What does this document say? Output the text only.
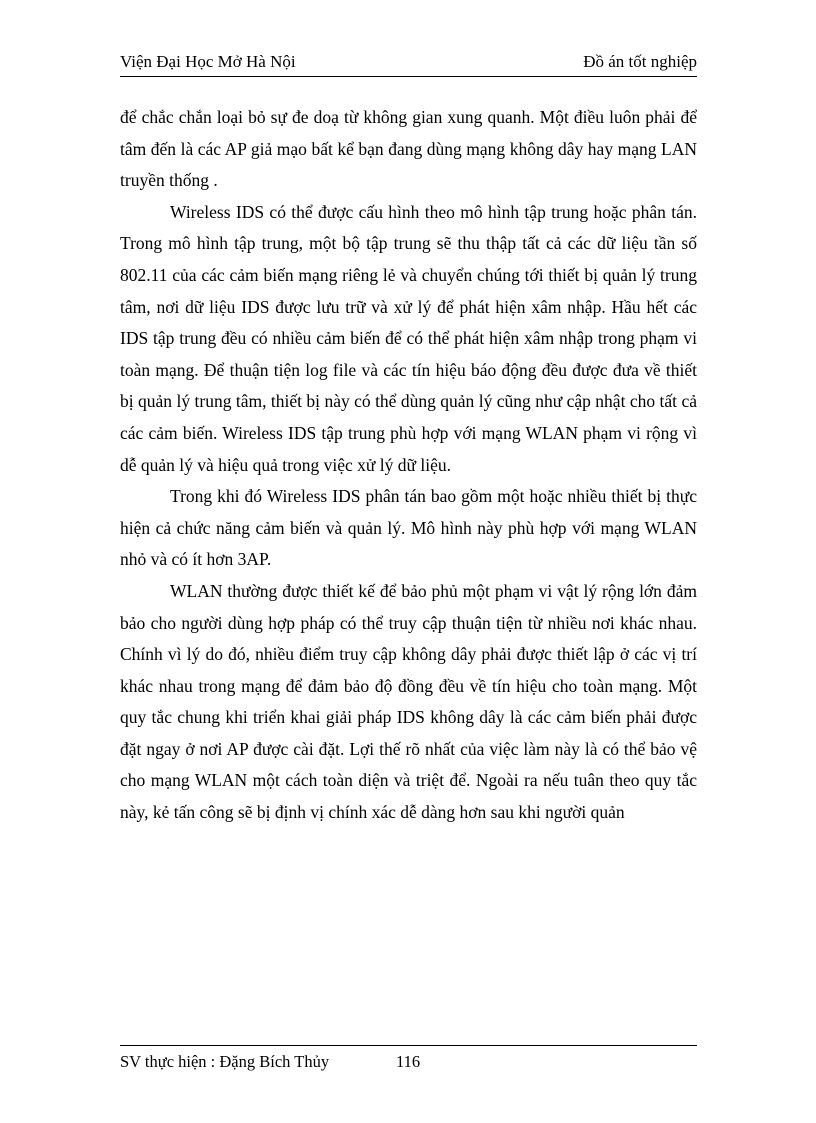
Viện Đại Học Mở Hà Nội	Đồ án tốt nghiệp

để chắc chắn loại bỏ sự đe doạ từ không gian xung quanh. Một điều luôn phải để tâm đến là các AP giả mạo bất kể bạn đang dùng mạng không dây hay mạng LAN truyền thống .

Wireless IDS có thể được cấu hình theo mô hình tập trung hoặc phân tán. Trong mô hình tập trung, một bộ tập trung sẽ thu thập tất cả các dữ liệu tần số 802.11 của các cảm biến mạng riêng lẻ và chuyển chúng tới thiết bị quản lý trung tâm, nơi dữ liệu IDS được lưu trữ và xử lý để phát hiện xâm nhập. Hầu hết các IDS tập trung đều có nhiều cảm biến để có thể phát hiện xâm nhập trong phạm vi toàn mạng. Để thuận tiện log file và các tín hiệu báo động đều được đưa về thiết bị quản lý trung tâm, thiết bị này có thể dùng quản lý cũng như cập nhật cho tất cả các cảm biến. Wireless IDS tập trung phù hợp với mạng WLAN phạm vi rộng vì dễ quản lý và hiệu quả trong việc xử lý dữ liệu.

Trong khi đó Wireless IDS phân tán bao gồm một hoặc nhiều thiết bị thực hiện cả chức năng cảm biến và quản lý. Mô hình này phù hợp với mạng WLAN nhỏ và có ít hơn 3AP.

WLAN thường được thiết kế để bảo phủ một phạm vi vật lý rộng lớn đảm bảo cho người dùng hợp pháp có thể truy cập thuận tiện từ nhiều nơi khác nhau. Chính vì lý do đó, nhiều điểm truy cập không dây phải được thiết lập ở các vị trí khác nhau trong mạng để đảm bảo độ đồng đều về tín hiệu cho toàn mạng. Một quy tắc chung khi triển khai giải pháp IDS không dây là các cảm biến phải được đặt ngay ở nơi AP được cài đặt. Lợi thế rõ nhất của việc làm này là có thể bảo vệ cho mạng WLAN một cách toàn diện và triệt để. Ngoài ra nếu tuân theo quy tắc này, kẻ tấn công sẽ bị định vị chính xác dễ dàng hơn sau khi người quản

SV thực hiện : Đặng Bích Thủy	116
